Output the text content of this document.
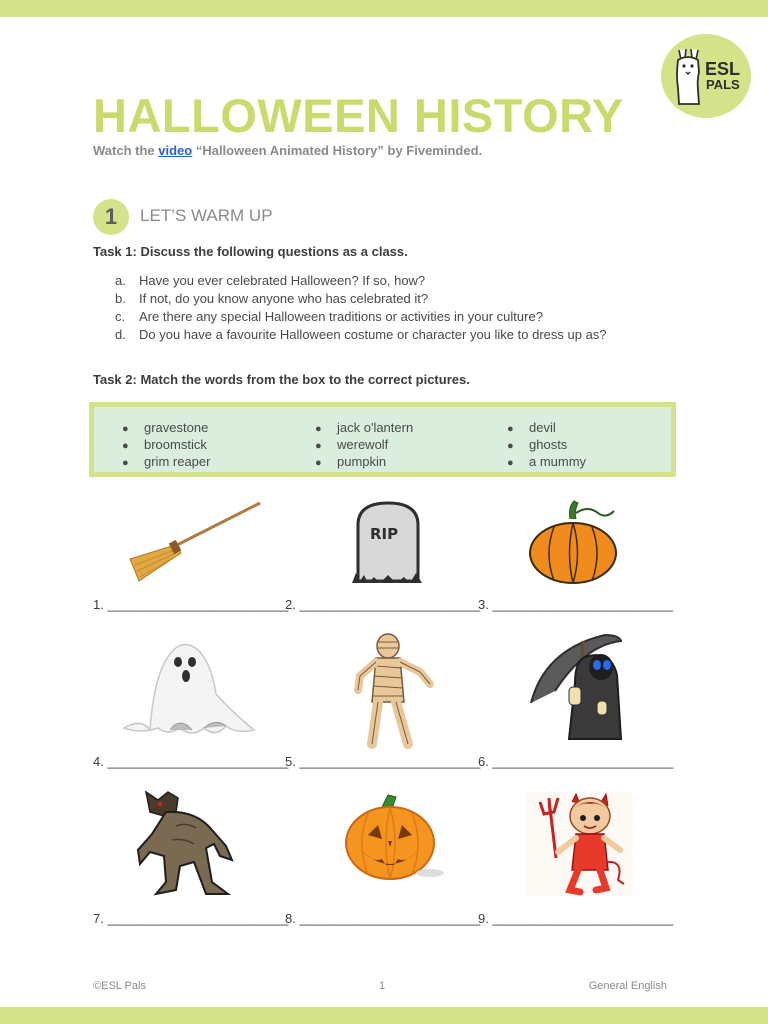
ESL
PALS
HALLOWEEN HISTORY
Watch the video “Halloween Animated History” by Fiveminded.
1	LET’S WARM UP
Task 1: Discuss the following questions as a class.
a. Have you ever celebrated Halloween? If so, how?
b. If not, do you know anyone who has celebrated it?
c. Are there any special Halloween traditions or activities in your culture?
d. Do you have a favourite Halloween costume or character you like to dress up as?
Task 2: Match the words from the box to the correct pictures.
● gravestone
● broomstick
● grim reaper
● jack o'lantern
● werewolf
● pumpkin
● devil
● ghosts
● a mummy
RIP
1. _________________________
2. _________________________
3. _________________________
4. _________________________
5. _________________________
6. _________________________
7. _________________________
8. _________________________
9. _________________________
©ESL Pals	1	General English
